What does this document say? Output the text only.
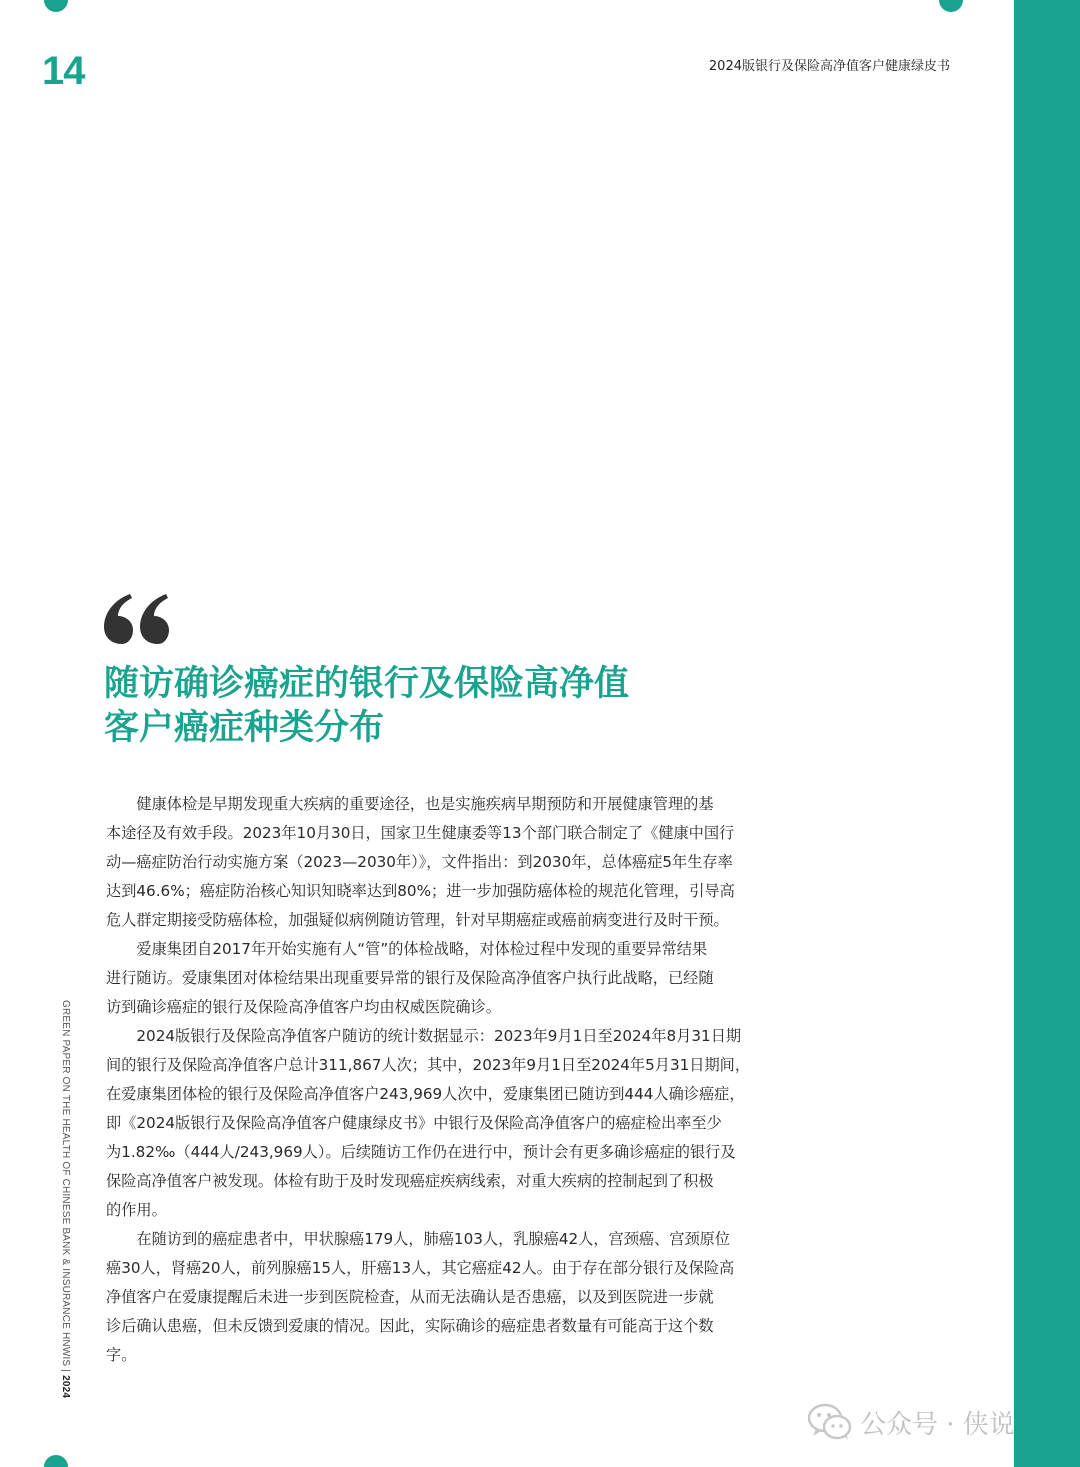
14	2024版银行及保险高净值客户健康绿皮书
随访确诊癌症的银行及保险高净值
客户癌症种类分布
　　健康体检是早期发现重大疾病的重要途径，也是实施疾病早期预防和开展健康管理的基
本途径及有效手段。2023年10月30日，国家卫生健康委等13个部门联合制定了《健康中国行
动—癌症防治行动实施方案（2023—2030年）》，文件指出：到2030年，总体癌症5年生存率
达到46.6%；癌症防治核心知识知晓率达到80%；进一步加强防癌体检的规范化管理，引导高
危人群定期接受防癌体检，加强疑似病例随访管理，针对早期癌症或癌前病变进行及时干预。
　　爱康集团自2017年开始实施有人“管”的体检战略，对体检过程中发现的重要异常结果
进行随访。爱康集团对体检结果出现重要异常的银行及保险高净值客户执行此战略，已经随
访到确诊癌症的银行及保险高净值客户均由权威医院确诊。
　　2024版银行及保险高净值客户随访的统计数据显示：2023年9月1日至2024年8月31日期
间的银行及保险高净值客户总计311,867人次；其中，2023年9月1日至2024年5月31日期间，
在爱康集团体检的银行及保险高净值客户243,969人次中，爱康集团已随访到444人确诊癌症，
即《2024版银行及保险高净值客户健康绿皮书》中银行及保险高净值客户的癌症检出率至少
为1.82‰（444人/243,969人）。后续随访工作仍在进行中，预计会有更多确诊癌症的银行及
保险高净值客户被发现。体检有助于及时发现癌症疾病线索，对重大疾病的控制起到了积极
的作用。
　　在随访到的癌症患者中，甲状腺癌179人，肺癌103人，乳腺癌42人，宫颈癌、宫颈原位
癌30人，肾癌20人，前列腺癌15人，肝癌13人，其它癌症42人。由于存在部分银行及保险高
净值客户在爱康提醒后未进一步到医院检查，从而无法确认是否患癌，以及到医院进一步就
诊后确认患癌，但未反馈到爱康的情况。因此，实际确诊的癌症患者数量有可能高于这个数
字。
GREEN PAPER ON THE HEALTH OF CHINESE BANK & INSURANCE HNWIS | 2024
公众号 · 侠说
